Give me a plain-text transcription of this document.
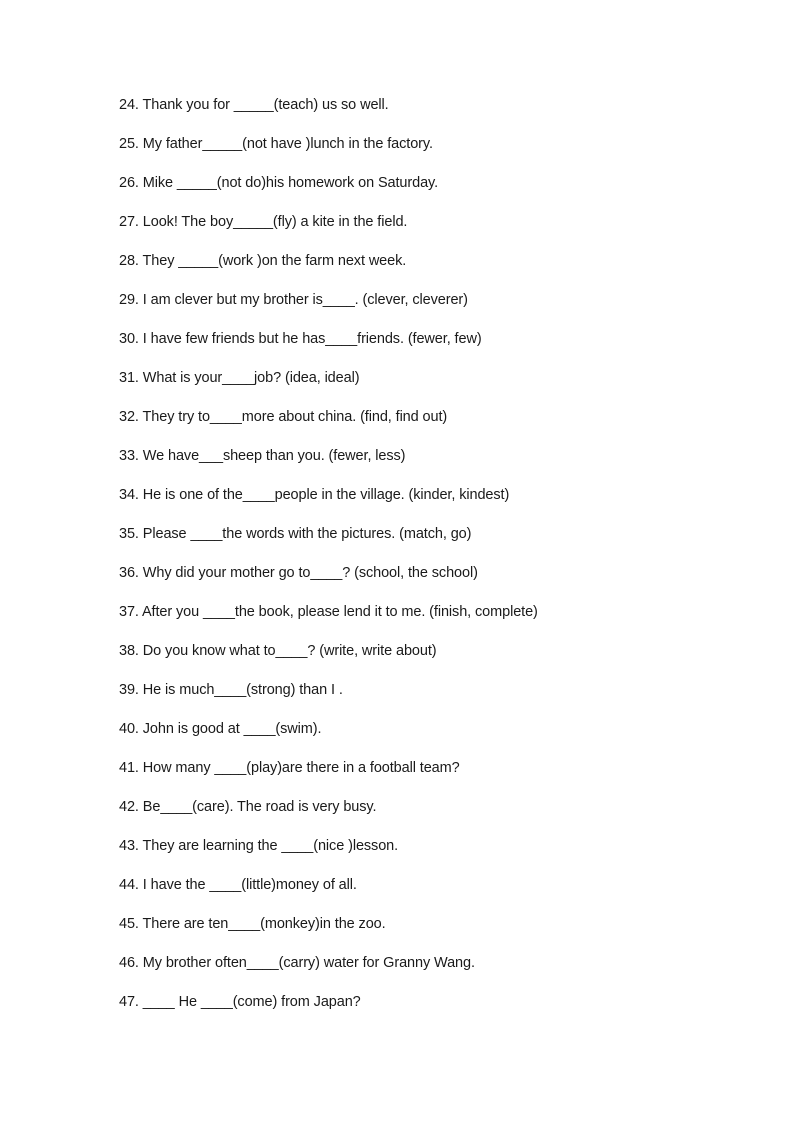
24. Thank you for _____(teach) us so well.
25. My father_____(not have )lunch in the factory.
26. Mike _____(not do)his homework on Saturday.
27. Look! The boy_____(fly) a kite in the field.
28. They _____(work )on the farm next week.
29. I am clever but my brother is____. (clever, cleverer)
30. I have few friends but he has____friends. (fewer, few)
31. What is your____job? (idea, ideal)
32. They try to____more about china. (find, find out)
33. We have___sheep than you. (fewer, less)
34. He is one of the____people in the village. (kinder, kindest)
35. Please ____the words with the pictures. (match, go)
36. Why did your mother go to____? (school, the school)
37. After you ____the book, please lend it to me. (finish, complete)
38. Do you know what to____? (write, write about)
39. He is much____(strong) than I .
40. John is good at ____(swim).
41. How many ____(play)are there in a football team?
42. Be____(care). The road is very busy.
43. They are learning the ____(nice )lesson.
44. I have the ____(little)money of all.
45. There are ten____(monkey)in the zoo.
46. My brother often____(carry) water for Granny Wang.
47. ____ He ____(come) from Japan?
